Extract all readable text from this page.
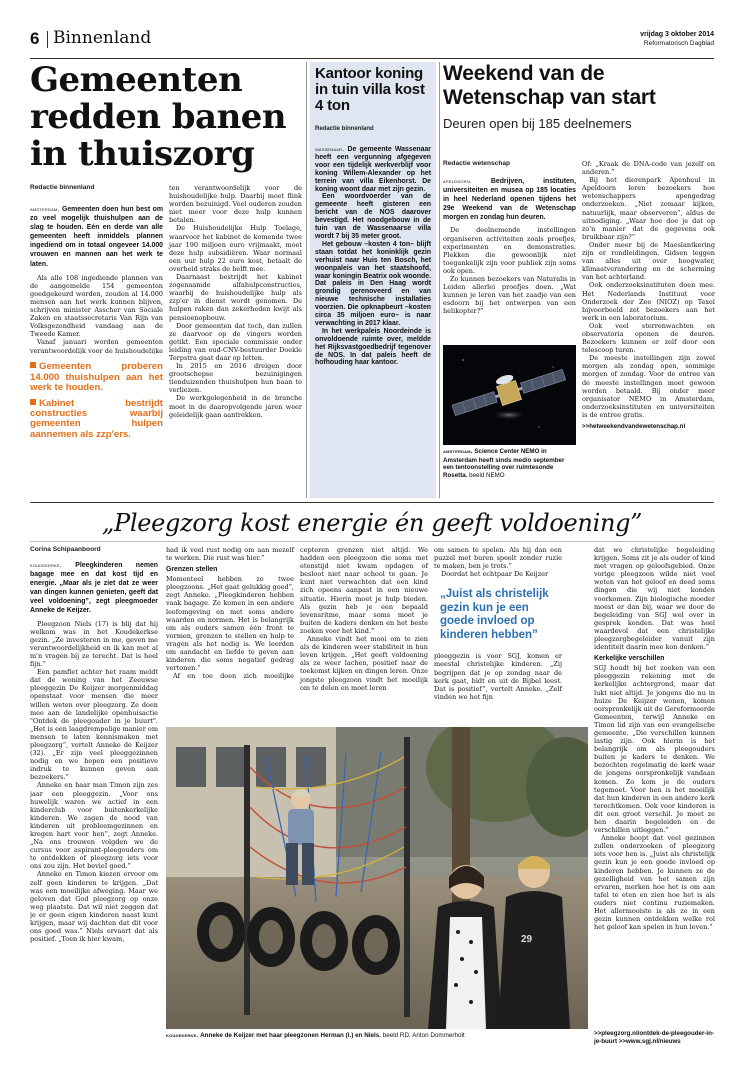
6 Binnenland	vrijdag 3 oktober 2014
Reformatorisch Dagblad
Gemeenten
redden banen
in thuiszorg
Redactie binnenland

amsterdam. Gemeenten doen hun best om zo veel mogelijk thuishulpen aan de slag te houden. Eén en derde van alle gemeenten heeft inmiddels plannen ingediend om in totaal ongeveer 14.000 vrouwen en mannen aan het werk te laten.

Als alle 108 ingediende plannen van de aangemelde 154 gemeenten goedgekeurd worden, zouden al 14.000 mensen aan het werk kunnen blijven, schrijven minister Asscher van Sociale Zaken en staatssecretaris Van Rijn van Volksgezondheid vandaag aan de Tweede Kamer.

Vanaf januari worden gemeenten verantwoordelijk voor de huishoudelijke

Gemeenten proberen 14.000 thuishulpen aan het werk te houden.
Kabinet bestrijdt constructies waarbij gemeenten hulpen aannemen als zzp'ers.

ten verantwoordelijk voor de huishoudelijke hulp. Daarbij moet flink worden bezuinigd. Veel ouderen zouden niet meer voor deze hulp kunnen betalen.

De Huishoudelijke Hulp Toelage, waarvoor het kabinet de komende twee jaar 190 miljoen euro vrijmaakt, moet deze hulp subsidiëren. Waar normaal een uur hulp 22 euro kost, betaalt de overheid straks de helft mee.

Daarnaast bestrijdt het kabinet zogenaamde alfahulpconstructies, waarbij de huishoudelijke hulp als zzp'er in dienst wordt genomen. De hulpen raken dan zekerheden kwijt als pensioenopbouw.

Door gemeenten dat toch, dan zullen ze daarvoor op de vingers worden getikt. Een speciale commissie onder leiding van oud-CNV-bestuurder Doekle Terpstra gaat daar op letten.

In 2015 en 2016 dreigen door grootschepse bezuinigingen tienduizenden thuishulpen hun baan te verliezen.

De werkgelegenheid in de branche moet in de daaropvolgende jaren weer geleidelijk gaan aantrekken.

Kantoor koning in tuin villa kost 4 ton
Redactie binnenland

wassenaar. De gemeente Wassenaar heeft een vergunning afgegeven voor een tijdelijk werkverblijf voor koning Willem-Alexander op het terrein van villa Eikenhorst. De koning woont daar met zijn gezin.

Een woordvoerder van de gemeente heeft gisteren een bericht van de NOS daarover bevestigd. Het noodgebouw in de tuin van de Wassenaarse villa wordt 7 bij 35 meter groot.

Het gebouw –kosten 4 ton– blijft staan totdat het koninklijk gezin verhuist naar Huis ten Bosch, het woonpaleis van het staatshoofd, waar koningin Beatrix ook woonde. Dat paleis in Den Haag wordt grondig gerenoveerd en van nieuwe technische installaties voorzien. Die opknapbeurt –kosten circa 35 miljoen euro– is naar verwachting in 2017 klaar.

In het werkpaleis Noordeinde is onvoldoende ruimte over, meldde het Rijksvastgoedbedrijf tegenover de NOS. In dat paleis heeft de hofhouding haar kantoor.

Weekend van de
Wetenschap van start
Deuren open bij 185 deelnemers
Redactie wetenschap

apeldoorn.	Bedrijven, instituten, universiteiten en musea op 185 locaties in heel Nederland openen tijdens het 29e Weekend van de Wetenschap morgen en zondag hun deuren.

De deelnemende instellingen organiseren activiteiten zoals proefjes, experimenten en demonstraties. Plekken die gewoonlijk niet toegankelijk zijn voor publiek zijn soms ook open.

Zo kunnen bezoekers van Naturalis in Leiden allerlei proefjes doen. „Wat kunnen je leren van het zaadje van een esdoorn bij het ontwerpen van een helikopter?”

amsterdam. Science Center NEMO in Amsterdam heeft sinds medio september een tentoonstelling over ruimtesonde Rosetta. beeld NEMO

Of: „Kraak de DNA-code van jezelf en anderen.”

Bij het dierenpark Apenheul in Apeldoorn leren bezoekers hoe wetenschappers apengedrag onderzoeken. „Niet zomaar kijken, natuurlijk, maar observeren”, aldus de uitnodiging. „Waar hoe doe je dat op zo'n manier dat de gegevens ook bruikbaar zijn?”

Onder meer bij de Maeslantkering zijn er rondleidingen. Gidsen leggen van alles uit over hoogwater, klimaatverandering en de scherming van het achterland.

Ook onderzoeksinstituten doen mee. Het Nederlands Instituut voor Onderzoek der Zee (NIOZ) op Texel bijvoorbeeld zet bezoekers aan het werk in een laboratorium.

Ook veel sterrenwachten en observatoria openen de deuren. Bezoekers kunnen er zelf door een telescoop turen.

De meeste instellingen zijn zowel morgen als zondag open, sommige morgen of zondag. Voor de entree van de meeste instellingen moet gewoon worden betaald. Bij onder meer organisator NEMO in Amsterdam, onderzoeksinstituten en universiteiten is de entree gratis.

>>hetweekendvandewetenschap.nl
„Pleegzorg kost energie én geeft voldoening”
Corina Schipaanboord

koudekerke. Pleegkinderen nemen bagage mee en dat kost tijd en energie. „Maar als je ziet dat ze weer van dingen kunnen genieten, geeft dat veel voldoening”, zegt pleegmoeder Anneke de Keijzer.

Pleegzoon Niels (17) is blij dat hij welkom was in het Koudekerkse gezin. „Ze investeren in me, geven me verantwoordelijkheid en ik kan met al m'n vragen bij ze terecht. Dat is heel fijn.”

Een pamflet achter het raam meldt dat de woning van het Zeeuwse pleeggezin De Keijzer morgenmiddag openstaat voor mensen die meer willen weten over pleegzorg. Ze doen mee aan de landelijke openhuisactie "Ontdek de pleegouder in je buurt". „Het is een laagdrempelige manier om mensen te laten kennismaken met pleegzorg”, vertelt Anneke de Keijzer (32). „Er zijn veel pleeggezinnen nodig en we hopen een positieve indruk te kunnen geven aan bezoekers.”

Anneke en haar man Timon zijn zes jaar een pleeggezin. „Voor ons huwelijk waren we actief in een kinderclub voor buitenkerkelijke kinderen. We zagen de nood van kinderen uit probleemgezinnen en kregen hart voor hen”, zegt Anneke. „Na ons trouwen volgden we de cursus voor aspirant-pleegouders om te ontdekken of pleegzorg iets voor ons zou zijn. Het bevieI goed.”

Anneke en Timon kiezen ervoor om zelf geen kinderen te krijgen. „Dat was een moeilijke afweging. Maar we geloven dat God pleegzorg op onze weg plaatste. Dat wil niet zeggen dat je er geen eigen kinderen naast kunt krijgen, maar wij dachten dat dit voor ons goed was.” Niels ervaart dat als positief. „Toen ik hier kwam,

had ik veel rust nodig om aan mezelf te werken. Die rust was hier.”

Grenzen stellen

Momenteel hebben ze twee pleegzoons. „Het gaat gelukkig goed”, zegt Anneke. „Pleegkinderen hebben vaak bagage. Ze komen in een andere leefomgeving en met soms andere waarden en normen. Het is belangrijk om als ouders samen één front te vormen, grenzen te stellen en hulp te vragen als het nodig is. We leerden om aandacht en liefde te geven aan kinderen die soms negatief gedrag vertonen.”

Af en toe doen zich moeilijke

cepteren grenzen niet altijd. We hadden een pleegzoon die soms met etenstijd niet kwam opdagen of besloot niet naar school te gaan. Je kunt niet verwachten dat een kind zich opeens aanpast in een nieuwe situatie. Hierin moet je hulp bieden. Als gezin heb je een bepaald levensritme, maar soms moet je buiten de kaders denken en het beste zoeken voor het kind.”

Anneke vindt het mooi om te zien als de kinderen weer stabiliteit in hun leven krijgen. „Het geeft voldoening als ze weer lachen, positief naar de toekomst kijken en dingen leren. Onze jongste pleegzoon vindt het moeilijk om te delen en moet leren

om samen te spelen. Als hij dan een puzzel met buren speelt zonder ruzie te maken, ben je trots.”

Doordat het echtpaar De Keijzer

„Juist als christelijk gezin kun je een goede invloed op kinderen hebben”

pleeggezin is voor SGJ, komen er meestal christelijke kinderen. „Zij begrijpen dat je op zondag naar de kerk gaat, bidt en uit de Bijbel leest. Dat is positief”, vertelt Anneke. „Zelf vinden we het fijn

dat we christelijke begeleiding krijgen. Soms zit je als ouder of kind met vragen op geloofsgebied. Onze vorige pleegzoon wilde niet veel weten van het geloof en deed soms dingen die wij niet konden voorkomen. Zijn biologische moeder moest er dan bij, waar we door de begeleiding van SGJ wel over in gesprek konden. Dat was heel waardevol dat een christelijke pleegzorgbegeleider vanuit zijn identiteit daarin mee kon denken.”

Kerkelijke verschillen

SGJ houdt bij het zoeken van een pleeggezin rekening met de kerkelijke achtergrond, maar dat lukt niet altijd. Je jongens die nu in huize De Keijzer wonen, komen oorspronkelijk uit de Gereformeerde Gemeenten, terwijl Anneke en Timon lid zijn van een evangelische gemeente. „Die verschillen kunnen lastig zijn. Ook hierin is het belangrijk om als pleegouders buiten je kaders te denken. We bezochten regelmatig de kerk waar de jongens oorspronkelijk vandaan komen. Zo kom je de ouders tegemoet. Voor hen is het moeilijk dat hun kinderen in een andere kerk terechtkomen. Ook voor kinderen is dit een groot verschil. Je moet ze hen daarin begeleiden en de verschillen uitleggen.”

Anneke hoopt dat veel gezinnen zullen onderzoeken of pleegzorg iets voor hen is. „Juist als christelijk gezin kun je een goede invloed op kinderen hebben. Je kunnen ze de gezelligheid van het samen zijn ervaren, merken hoe het is om aan tafel te eten en zien hoe het is als ouders niet continu ruziemaken. Het allermooiste is als ze in een gezin kunnen ontdekken welke rol het geloof kan spelen in hun leven.”

>>pleegzorg.nl/ontdek-de-pleegouder-in-je-buurt >>www.sgj.nl/nieuws
29
koudekerke. Anneke de Keijzer met haar pleegzonen Herman (l.) en Niels. beeld RD, Anton Dommerholt
